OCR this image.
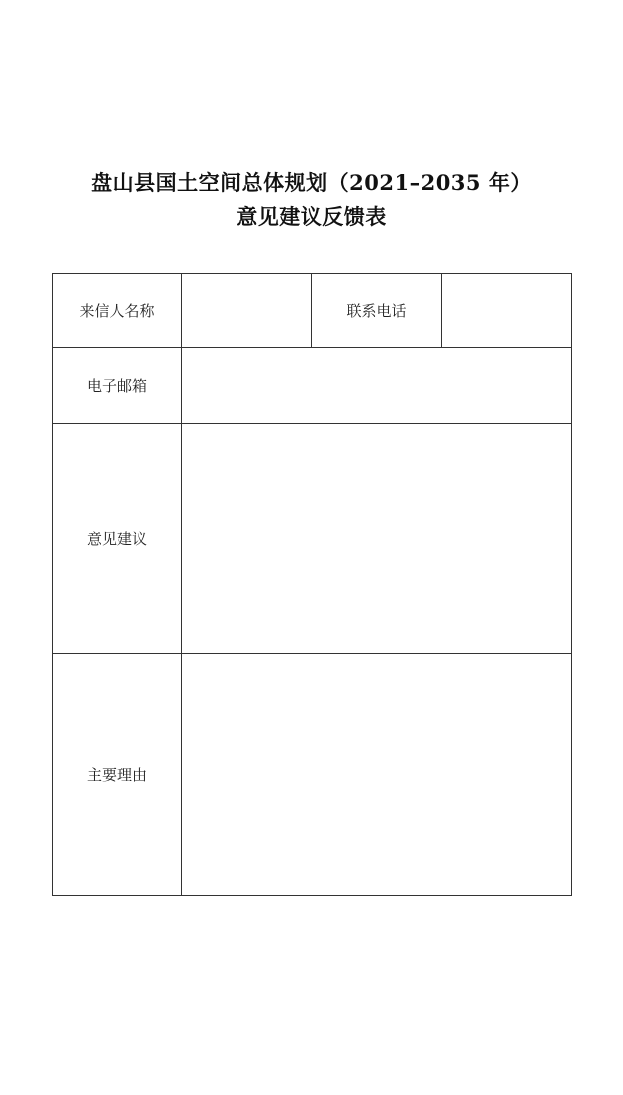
盘山县国土空间总体规划（2021–2035 年）
意见建议反馈表
来信人名称		联系电话	
电子邮箱			
意见建议			
主要理由			
